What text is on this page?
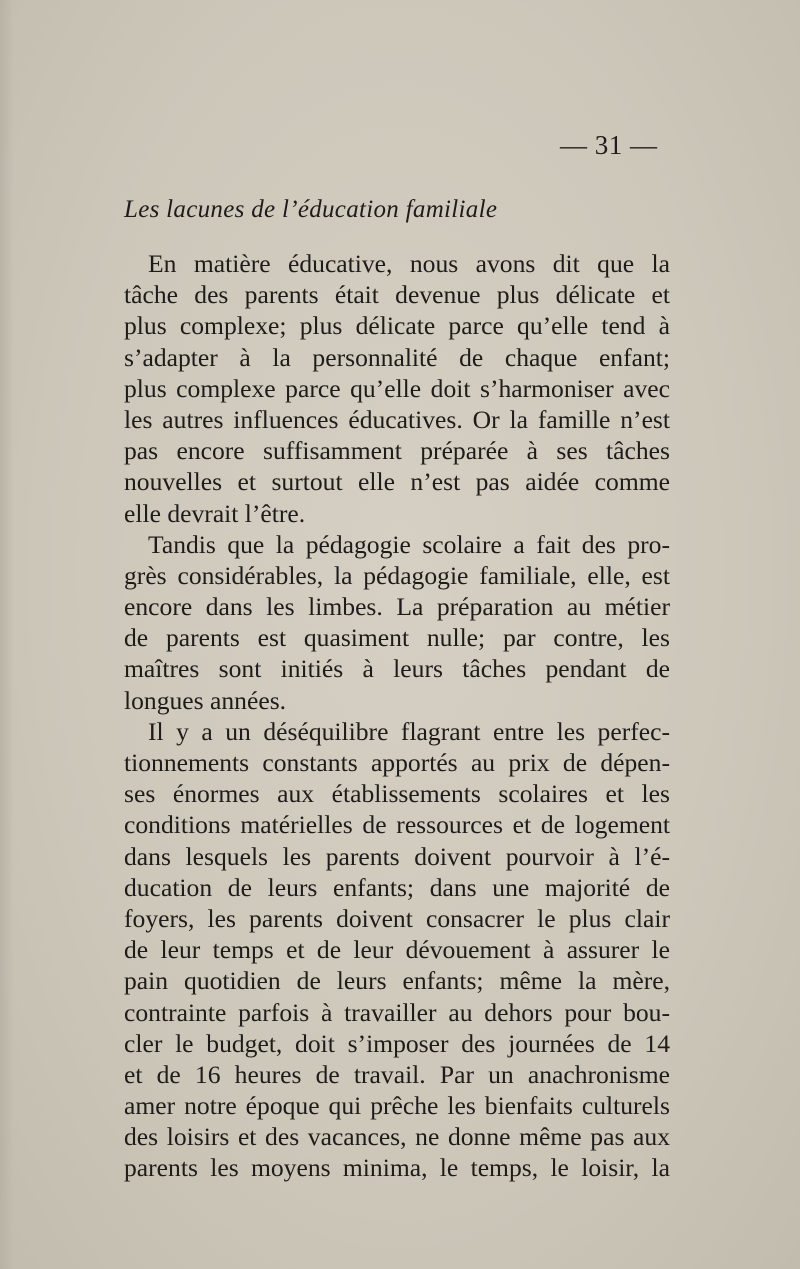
— 31 —
Les lacunes de l’éducation familiale
En matière éducative, nous avons dit que la
tâche des parents était devenue plus délicate et
plus complexe; plus délicate parce qu’elle tend à
s’adapter à la personnalité de chaque enfant;
plus complexe parce qu’elle doit s’harmoniser avec
les autres influences éducatives. Or la famille n’est
pas encore suffisamment préparée à ses tâches
nouvelles et surtout elle n’est pas aidée comme
elle devrait l’être.
Tandis que la pédagogie scolaire a fait des pro-
grès considérables, la pédagogie familiale, elle, est
encore dans les limbes. La préparation au métier
de parents est quasiment nulle; par contre, les
maîtres sont initiés à leurs tâches pendant de
longues années.
Il y a un déséquilibre flagrant entre les perfec-
tionnements constants apportés au prix de dépen-
ses énormes aux établissements scolaires et les
conditions matérielles de ressources et de logement
dans lesquels les parents doivent pourvoir à l’é-
ducation de leurs enfants; dans une majorité de
foyers, les parents doivent consacrer le plus clair
de leur temps et de leur dévouement à assurer le
pain quotidien de leurs enfants; même la mère,
contrainte parfois à travailler au dehors pour bou-
cler le budget, doit s’imposer des journées de 14
et de 16 heures de travail. Par un anachronisme
amer notre époque qui prêche les bienfaits culturels
des loisirs et des vacances, ne donne même pas aux
parents les moyens minima, le temps, le loisir, la
